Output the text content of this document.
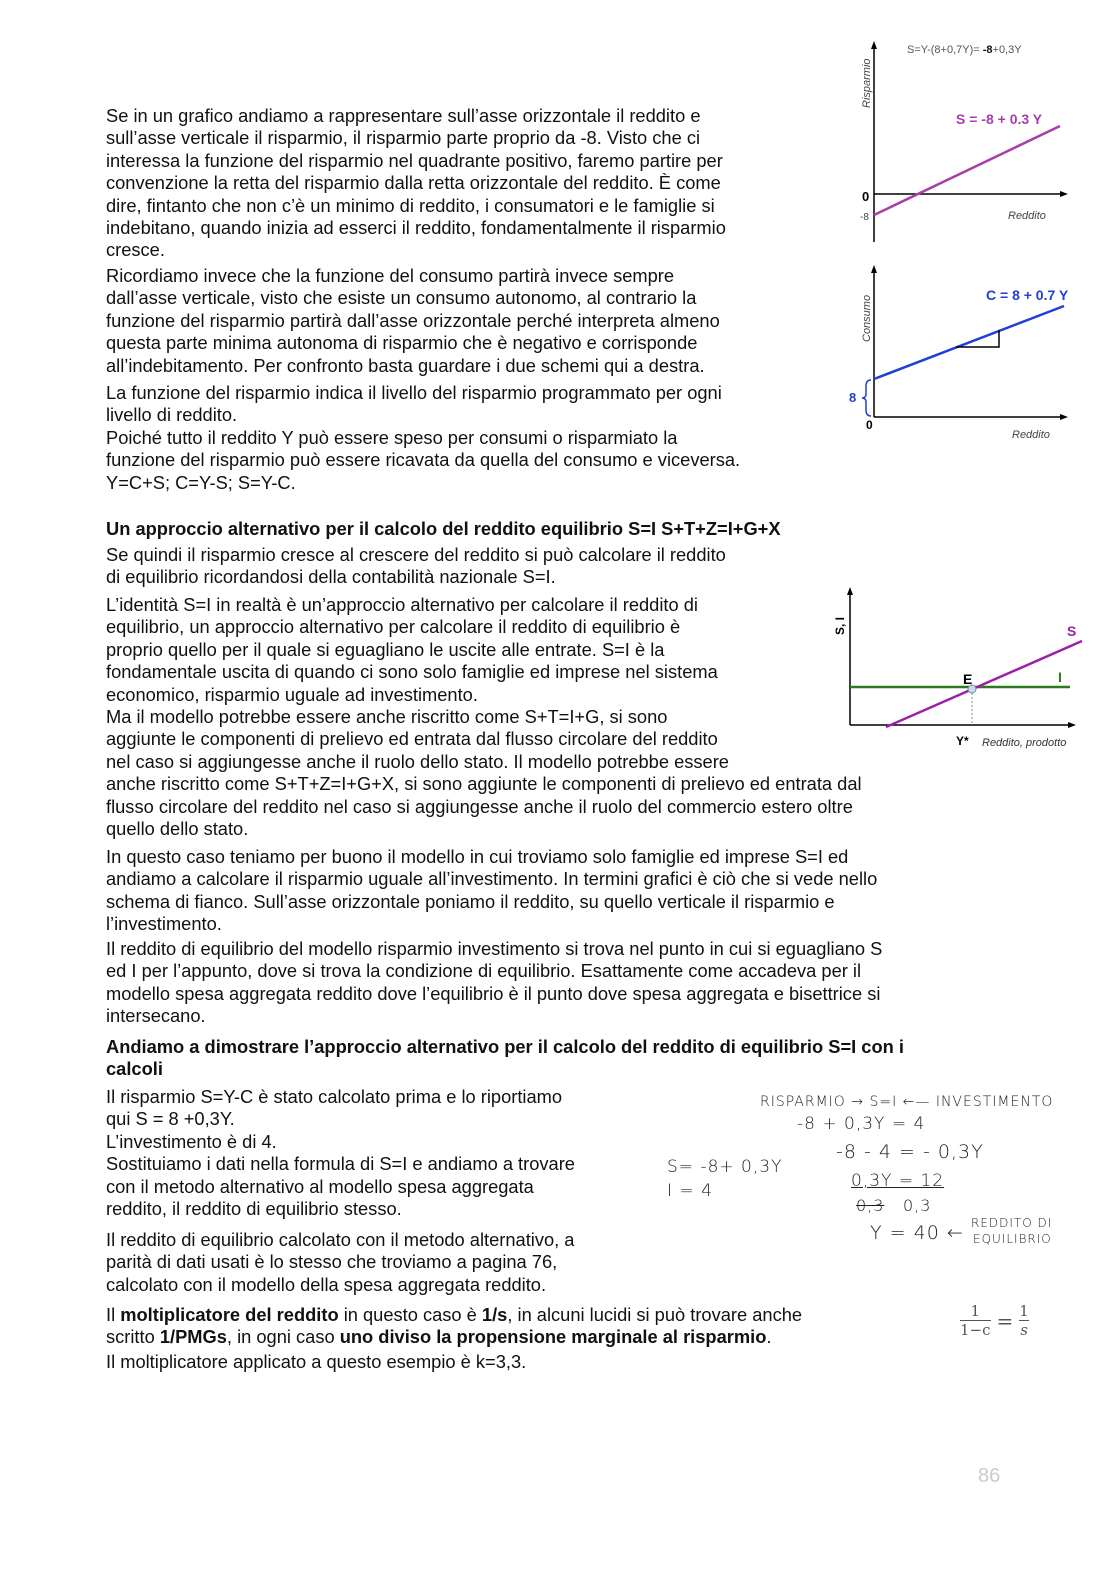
Se in un grafico andiamo a rappresentare sull’asse orizzontale il reddito e
sull’asse verticale il risparmio, il risparmio parte proprio da -8. Visto che ci
interessa la funzione del risparmio nel quadrante positivo, faremo partire per
convenzione la retta del risparmio dalla retta orizzontale del reddito. È come
dire, fintanto che non c’è un minimo di reddito, i consumatori e le famiglie si
indebitano, quando inizia ad esserci il reddito, fondamentalmente il risparmio
cresce.
Ricordiamo invece che la funzione del consumo partirà invece sempre
dall’asse verticale, visto che esiste un consumo autonomo, al contrario la
funzione del risparmio partirà dall’asse orizzontale perché interpreta almeno
questa parte minima autonoma di risparmio che è negativo e corrisponde
all’indebitamento. Per confronto basta guardare i due schemi qui a destra.
La funzione del risparmio indica il livello del risparmio programmato per ogni
livello di reddito.
Poiché tutto il reddito Y può essere speso per consumi o risparmiato la
funzione del risparmio può essere ricavata da quella del consumo e viceversa.
Y=C+S; C=Y-S; S=Y-C.
Un approccio alternativo per il calcolo del reddito equilibrio S=I S+T+Z=I+G+X
Se quindi il risparmio cresce al crescere del reddito si può calcolare il reddito
di equilibrio ricordandosi della contabilità nazionale S=I.
L’identità S=I in realtà è un’approccio alternativo per calcolare il reddito di
equilibrio, un approccio alternativo per calcolare il reddito di equilibrio è
proprio quello per il quale si eguagliano le uscite alle entrate. S=I è la
fondamentale uscita di quando ci sono solo famiglie ed imprese nel sistema
economico, risparmio uguale ad investimento.
Ma il modello potrebbe essere anche riscritto come S+T=I+G, si sono
aggiunte le componenti di prelievo ed entrata dal flusso circolare del reddito
nel caso si aggiungesse anche il ruolo dello stato. Il modello potrebbe essere
anche riscritto come S+T+Z=I+G+X, si sono aggiunte le componenti di prelievo ed entrata dal
flusso circolare del reddito nel caso si aggiungesse anche il ruolo del commercio estero oltre
quello dello stato.
In questo caso teniamo per buono il modello in cui troviamo solo famiglie ed imprese S=I ed
andiamo a calcolare il risparmio uguale all’investimento. In termini grafici è ciò che si vede nello
schema di fianco. Sull’asse orizzontale poniamo il reddito, su quello verticale il risparmio e
l’investimento.
Il reddito di equilibrio del modello risparmio investimento si trova nel punto in cui si eguagliano S
ed I per l’appunto, dove si trova la condizione di equilibrio. Esattamente come accadeva per il
modello spesa aggregata reddito dove l’equilibrio è il punto dove spesa aggregata e bisettrice si
intersecano.
Andiamo a dimostrare l’approccio alternativo per il calcolo del reddito di equilibrio S=I con i
calcoli
Il risparmio S=Y-C è stato calcolato prima e lo riportiamo
qui S = 8 +0,3Y.
L’investimento è di 4.
Sostituiamo i dati nella formula di S=I e andiamo a trovare
con il metodo alternativo al modello spesa aggregata
reddito, il reddito di equilibrio stesso.
Il reddito di equilibrio calcolato con il metodo alternativo, a
parità di dati usati è lo stesso che troviamo a pagina 76,
calcolato con il modello della spesa aggregata reddito.
Il moltiplicatore del reddito in questo caso è 1/s, in alcuni lucidi si può trovare anche
scritto 1/PMGs, in ogni caso uno diviso la propensione marginale al risparmio.
Il moltiplicatore applicato a questo esempio è k=3,3.
S=Y-(8+0,7Y)= -8+0,3Y
Risparmio
S = -8 + 0.3 Y
0
-8	Reddito
Consumo	C = 8 + 0.7 Y
8
0
Reddito
S, I	S
I
E
Y* Reddito, prodotto
S= -8+ 0,3Y
I = 4
RISPARMIO → S=I ←— INVESTIMENTO
-8 + 0,3Y = 4
-8 - 4 = - 0,3Y
0,3Y = 12
0,3 0,3
Y = 40 ← REDDITO DI
EQUILIBRIO
$\frac{1}{1-c} = \frac{1}{s}$
86
